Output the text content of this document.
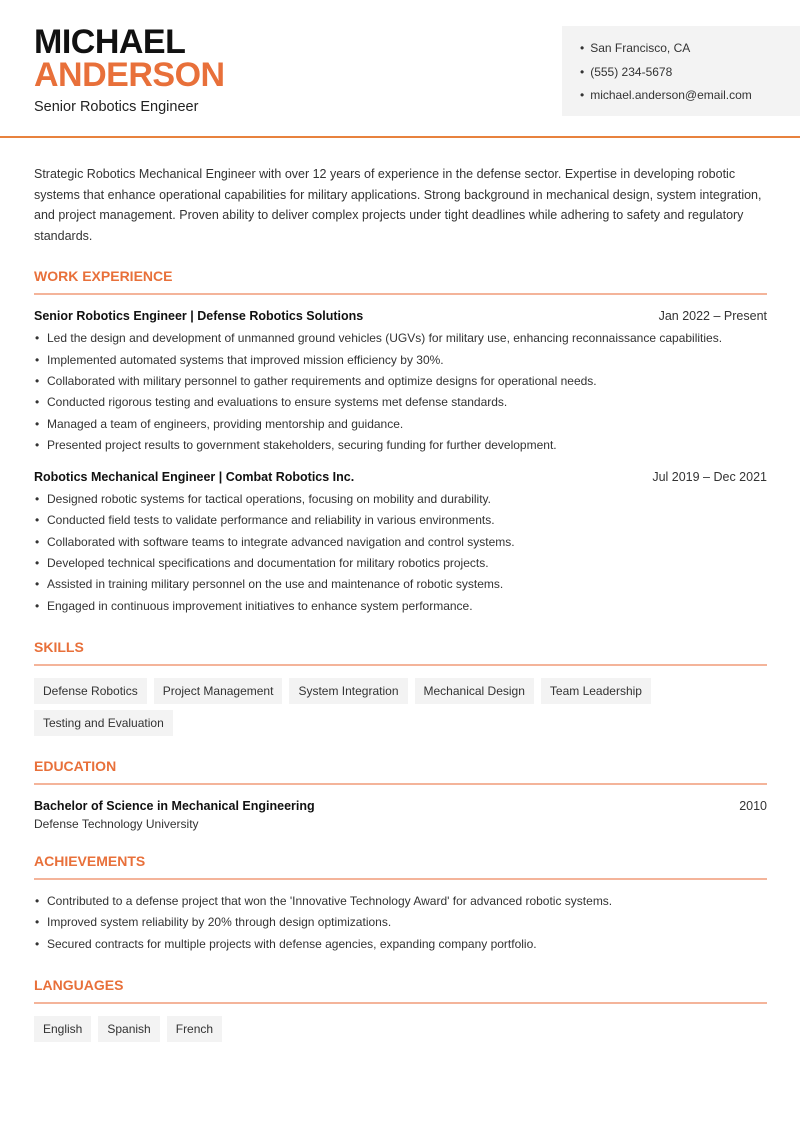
MICHAEL
ANDERSON
Senior Robotics Engineer
• San Francisco, CA
• (555) 234-5678
• michael.anderson@email.com

Strategic Robotics Mechanical Engineer with over 12 years of experience in the defense sector. Expertise in developing robotic systems that enhance operational capabilities for military applications. Strong background in mechanical design, system integration, and project management. Proven ability to deliver complex projects under tight deadlines while adhering to safety and regulatory standards.

WORK EXPERIENCE
Senior Robotics Engineer | Defense Robotics Solutions	Jan 2022 – Present
• Led the design and development of unmanned ground vehicles (UGVs) for military use, enhancing reconnaissance capabilities.
• Implemented automated systems that improved mission efficiency by 30%.
• Collaborated with military personnel to gather requirements and optimize designs for operational needs.
• Conducted rigorous testing and evaluations to ensure systems met defense standards.
• Managed a team of engineers, providing mentorship and guidance.
• Presented project results to government stakeholders, securing funding for further development.
Robotics Mechanical Engineer | Combat Robotics Inc.	Jul 2019 – Dec 2021
• Designed robotic systems for tactical operations, focusing on mobility and durability.
• Conducted field tests to validate performance and reliability in various environments.
• Collaborated with software teams to integrate advanced navigation and control systems.
• Developed technical specifications and documentation for military robotics projects.
• Assisted in training military personnel on the use and maintenance of robotic systems.
• Engaged in continuous improvement initiatives to enhance system performance.
SKILLS
Defense Robotics	Project Management	System Integration	Mechanical Design	Team Leadership
Testing and Evaluation
EDUCATION
Bachelor of Science in Mechanical Engineering	2010
Defense Technology University
ACHIEVEMENTS
• Contributed to a defense project that won the 'Innovative Technology Award' for advanced robotic systems.
• Improved system reliability by 20% through design optimizations.
• Secured contracts for multiple projects with defense agencies, expanding company portfolio.
LANGUAGES
English	Spanish	French
